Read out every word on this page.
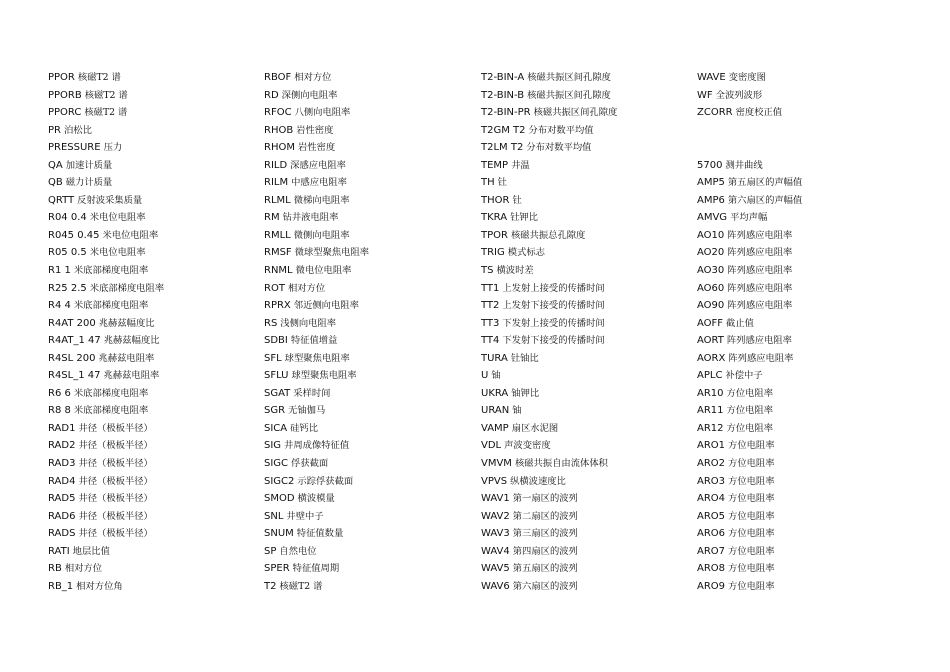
PPOR 核磁T2 谱
PPORB 核磁T2 谱
PPORC 核磁T2 谱
PR 泊松比
PRESSURE 压力
QA 加速计质量
QB 磁力计质量
QRTT 反射波采集质量
R04 0.4 米电位电阻率
R045 0.45 米电位电阻率
R05 0.5 米电位电阻率
R1 1 米底部梯度电阻率
R25 2.5 米底部梯度电阻率
R4 4 米底部梯度电阻率
R4AT 200 兆赫兹幅度比
R4AT_1 47 兆赫兹幅度比
R4SL 200 兆赫兹电阻率
R4SL_1 47 兆赫兹电阻率
R6 6 米底部梯度电阻率
R8 8 米底部梯度电阻率
RAD1 井径（极板半径）
RAD2 井径（极板半径）
RAD3 井径（极板半径）
RAD4 井径（极板半径）
RAD5 井径（极板半径）
RAD6 井径（极板半径）
RADS 井径（极板半径）
RATI 地层比值
RB 相对方位
RB_1 相对方位角
RBOF 相对方位
RD 深侧向电阻率
RFOC 八侧向电阻率
RHOB 岩性密度
RHOM 岩性密度
RILD 深感应电阻率
RILM 中感应电阻率
RLML 微梯向电阻率
RM 钻井液电阻率
RMLL 微侧向电阻率
RMSF 微球型聚焦电阻率
RNML 微电位电阻率
ROT 相对方位
RPRX 邻近侧向电阻率
RS 浅侧向电阻率
SDBI 特征值增益
SFL 球型聚焦电阻率
SFLU 球型聚焦电阻率
SGAT 采样时间
SGR 无铀伽马
SICA 硅钙比
SIG 井周成像特征值
SIGC 俘获截面
SIGC2 示踪俘获截面
SMOD 横波模量
SNL 井壁中子
SNUM 特征值数量
SP 自然电位
SPER 特征值周期
T2 核磁T2 谱
T2-BIN-A 核磁共振区间孔隙度
T2-BIN-B 核磁共振区间孔隙度
T2-BIN-PR 核磁共振区间孔隙度
T2GM T2 分布对数平均值
T2LM T2 分布对数平均值
TEMP 井温
TH 钍
THOR 钍
TKRA 钍钾比
TPOR 核磁共振总孔隙度
TRIG 模式标志
TS 横波时差
TT1 上发射上接受的传播时间
TT2 上发射下接受的传播时间
TT3 下发射上接受的传播时间
TT4 下发射下接受的传播时间
TURA 钍铀比
U 铀
UKRA 铀钾比
URAN 铀
VAMP 扇区水泥图
VDL 声波变密度
VMVM 核磁共振自由流体体积
VPVS 纵横波速度比
WAV1 第一扇区的波列
WAV2 第二扇区的波列
WAV3 第三扇区的波列
WAV4 第四扇区的波列
WAV5 第五扇区的波列
WAV6 第六扇区的波列
WAVE 变密度图
WF 全波列波形
ZCORR 密度校正值
5700 测井曲线
AMP5 第五扇区的声幅值
AMP6 第六扇区的声幅值
AMVG 平均声幅
AO10 阵列感应电阻率
AO20 阵列感应电阻率
AO30 阵列感应电阻率
AO60 阵列感应电阻率
AO90 阵列感应电阻率
AOFF 截止值
AORT 阵列感应电阻率
AORX 阵列感应电阻率
APLC 补偿中子
AR10 方位电阻率
AR11 方位电阻率
AR12 方位电阻率
ARO1 方位电阻率
ARO2 方位电阻率
ARO3 方位电阻率
ARO4 方位电阻率
ARO5 方位电阻率
ARO6 方位电阻率
ARO7 方位电阻率
ARO8 方位电阻率
ARO9 方位电阻率
